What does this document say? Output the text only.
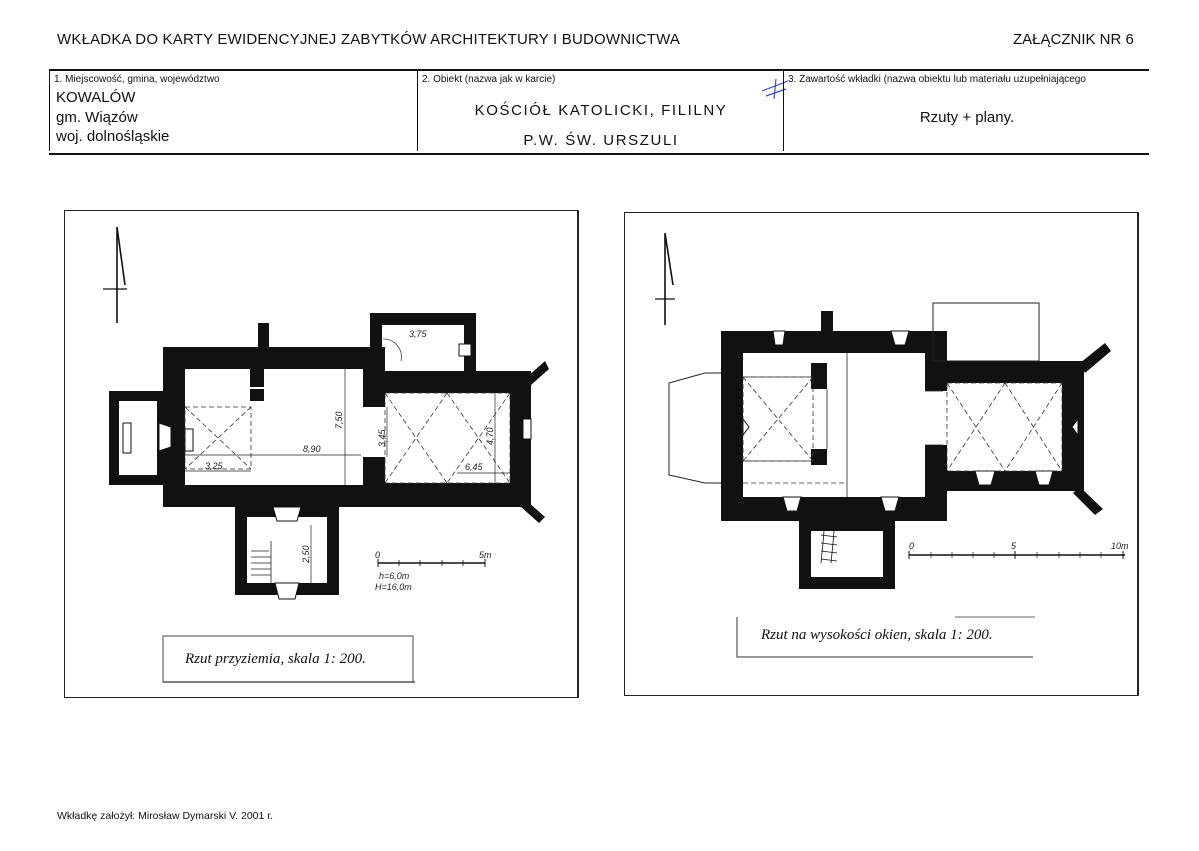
WKŁADKA DO KARTY EWIDENCYJNEJ ZABYTKÓW ARCHITEKTURY I BUDOWNICTWA	ZAŁĄCZNIK NR 6
1. Miejscowość, gmina, województwo
KOWALÓW
gm. Wiązów
woj. dolnośląskie
2. Obiekt (nazwa jak w karcie)
KOŚCIÓŁ KATOLICKI, FILILNY
P.W. ŚW. URSZULI
3. Zawartość wkładki (nazwa obiektu lub materiału uzupełniającego
Rzuty + plany.
3,25
8,90
7,50
3,45
6,45
4,70
3,75
2,50	0	5m
h=6,0m
H=16,0m
Rzut przyziemia, skala 1: 200.
0	5	10m
Rzut na wysokości okien, skala 1: 200.
Wkładkę założył: Mirosław Dymarski V. 2001 r.
